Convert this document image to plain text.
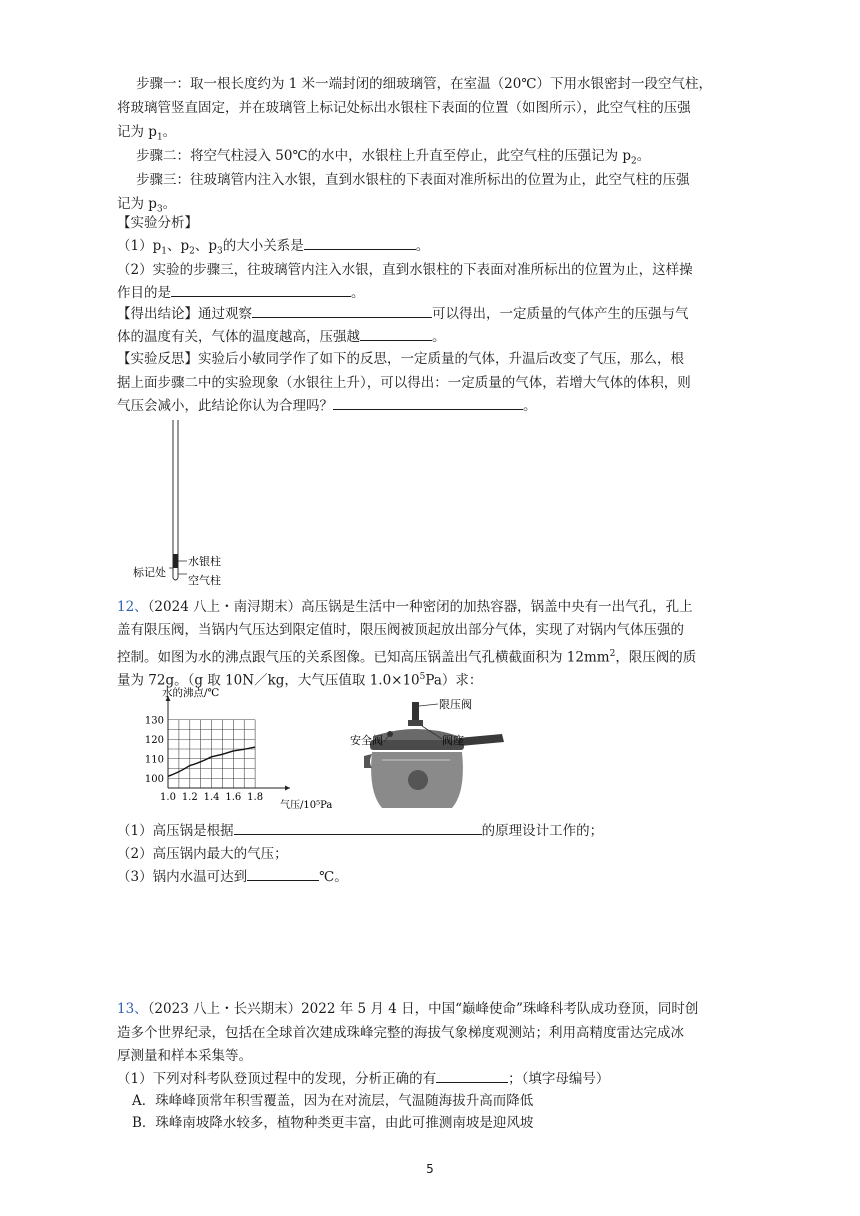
步骤一：取一根长度约为 1 米一端封闭的细玻璃管，在室温（20℃）下用水银密封一段空气柱，
将玻璃管竖直固定，并在玻璃管上标记处标出水银柱下表面的位置（如图所示），此空气柱的压强
记为 $p_1$。
步骤二：将空气柱浸入 50℃的水中，水银柱上升直至停止，此空气柱的压强记为 $p_2$。
步骤三：往玻璃管内注入水银，直到水银柱的下表面对准所标出的位置为止，此空气柱的压强
记为 $p_3$。
【实验分析】
$(1)p_1$、$p_2$、$p_3$的大小关系是	。
（2）实验的步骤三，往玻璃管内注入水银，直到水银柱的下表面对准所标出的位置为止，这样操
作目的是	。
【得出结论】通过观察	可以得出，一定质量的气体产生的压强与气
体的温度有关，气体的温度越高，压强越	。
【实验反思】实验后小敏同学作了如下的反思，一定质量的气体，升温后改变了气压，那么，根
据上面步骤二中的实验现象（水银往上升），可以得出：一定质量的气体，若增大气体的体积，则
气压会减小，此结论你认为合理吗？	。
水银柱
空气柱
标记处
12、（2024 八上・南浔期末）高压锅是生活中一种密闭的加热容器，锅盖中央有一出气孔，孔上
盖有限压阀，当锅内气压达到限定值时，限压阀被顶起放出部分气体，实现了对锅内气体压强的
控制。如图为水的沸点跟气压的关系图像。已知高压锅盖出气孔横截面积为 $12mm^2$，限压阀的质
量为 72g。（g 取 10N／kg，大气压值取 $1.0\times 10^5Pa$）求：
1.0 1.2 1.4 1.6 1.8
100
110
120
130
水的沸点/℃
气压/10⁵Pa
限压阀
阀座
安全阀
（1）高压锅是根据	的原理设计工作的；
（2）高压锅内最大的气压；
（3）锅内水温可达到	℃。
13、（2023 八上・长兴期末）2022 年 5 月 4 日，中国“巅峰使命”珠峰科考队成功登顶，同时创
造多个世界纪录，包括在全球首次建成珠峰完整的海拔气象梯度观测站；利用高精度雷达完成冰
厚测量和样本采集等。
（1）下列对科考队登顶过程中的发现，分析正确的有	；（填字母编号）
A．珠峰峰顶常年积雪覆盖，因为在对流层，气温随海拔升高而降低
B．珠峰南坡降水较多，植物种类更丰富，由此可推测南坡是迎风坡
5
